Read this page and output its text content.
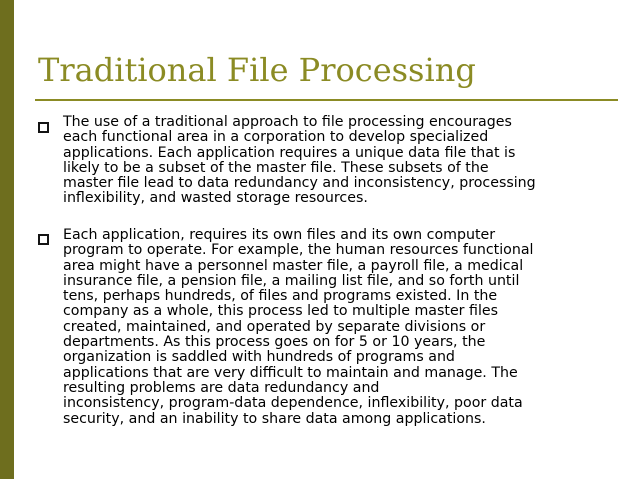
Traditional File Processing
The use of a traditional approach to file processing encourages
each functional area in a corporation to develop specialized
applications. Each application requires a unique data file that is
likely to be a subset of the master file. These subsets of the
master file lead to data redundancy and inconsistency, processing
inflexibility, and wasted storage resources.
Each application, requires its own files and its own computer
program to operate. For example, the human resources functional
area might have a personnel master file, a payroll file, a medical
insurance file, a pension file, a mailing list file, and so forth until
tens, perhaps hundreds, of files and programs existed. In the
company as a whole, this process led to multiple master files
created, maintained, and operated by separate divisions or
departments. As this process goes on for 5 or 10 years, the
organization is saddled with hundreds of programs and
applications that are very difficult to maintain and manage. The
resulting problems are data redundancy and
inconsistency, program-data dependence, inflexibility, poor data
security, and an inability to share data among applications.
